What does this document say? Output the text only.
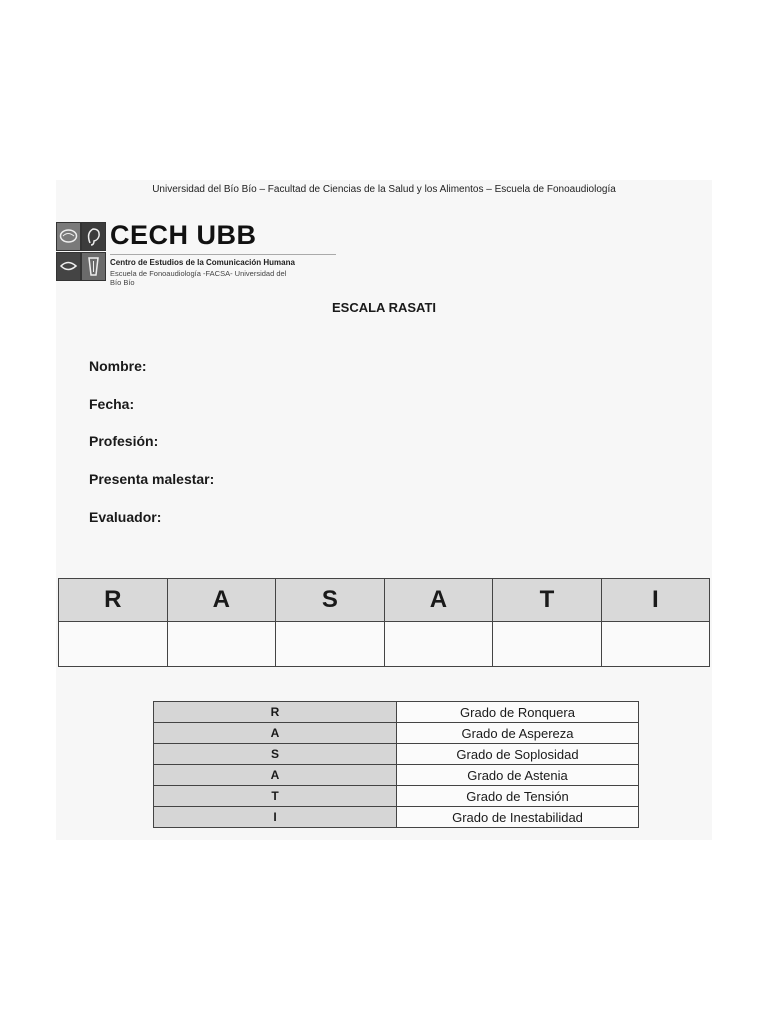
Universidad del Bío Bío – Facultad de Ciencias de la Salud y los Alimentos – Escuela de Fonoaudiología
CECH UBB
Centro de Estudios de la Comunicación Humana
Escuela de Fonoaudiología -FACSA- Universidad del Bío Bío
ESCALA RASATI
Nombre:
Fecha:
Profesión:
Presenta malestar:
Evaluador:
R	A	S	A	T	I

R	Grado de Ronquera
A	Grado de Aspereza
S	Grado de Soplosidad
A	Grado de Astenia
T	Grado de Tensión
I	Grado de Inestabilidad
